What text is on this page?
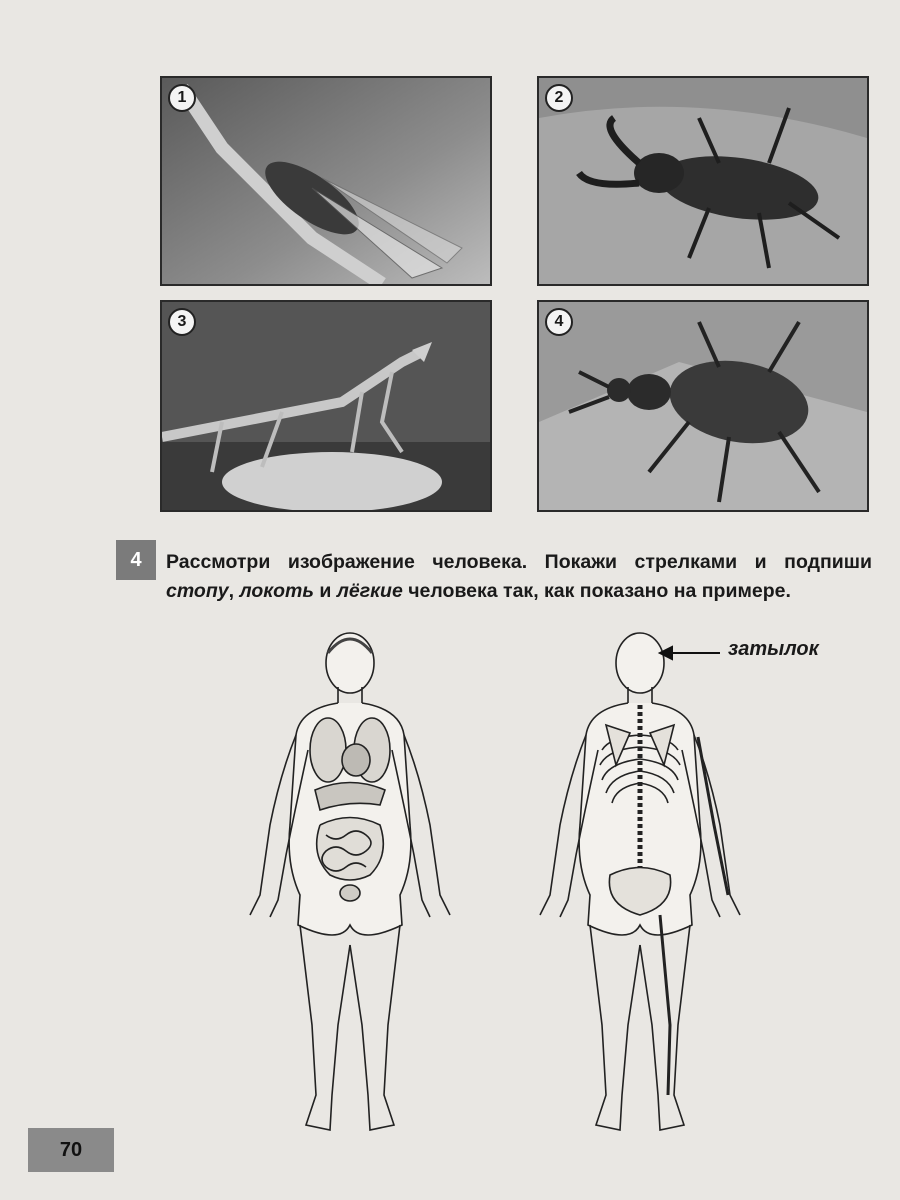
1	2
3	4
4	Рассмотри изображение человека. Покажи стрелками и подпиши стопу, локоть и лёгкие человека так, как показано на примере.
затылок
70
